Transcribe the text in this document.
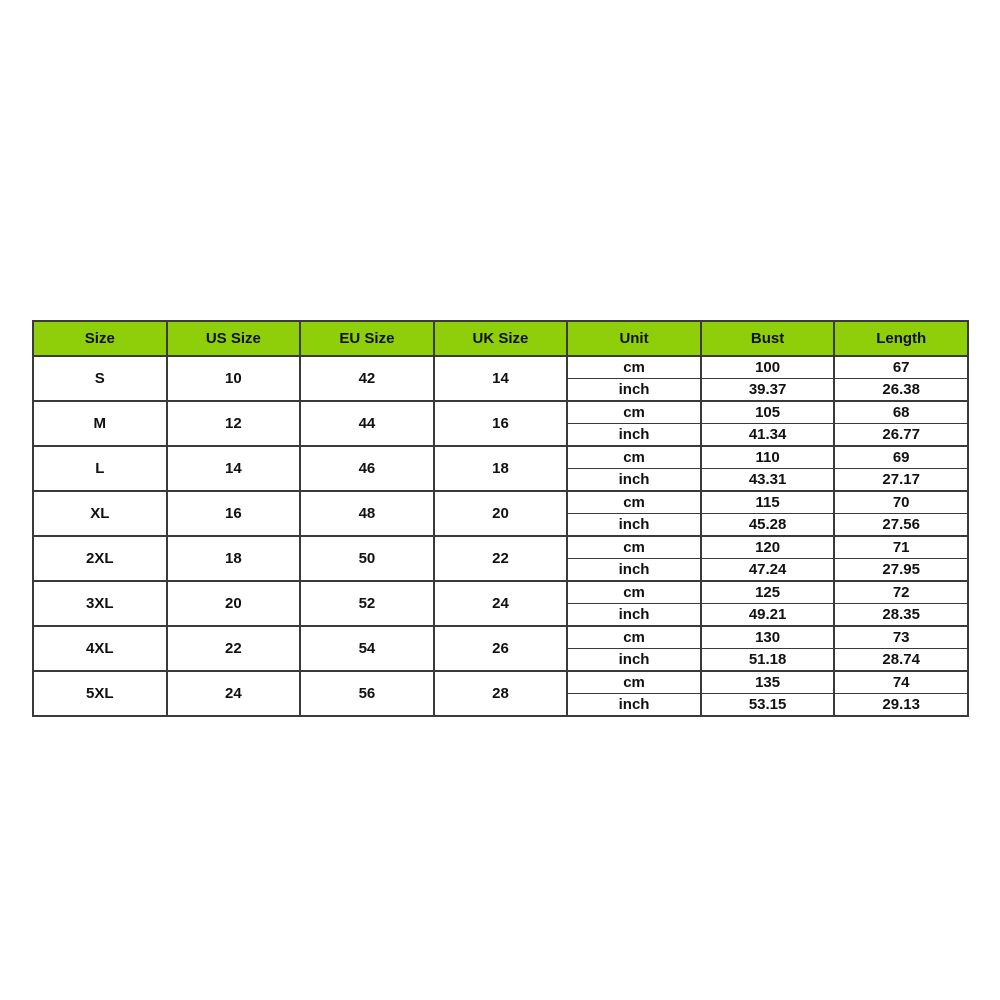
Size	US Size	EU Size	UK Size	Unit	Bust	Length
S	10	42	14	cm	100	67
				inch	39.37	26.38
M	12	44	16	cm	105	68
				inch	41.34	26.77
L	14	46	18	cm	110	69
				inch	43.31	27.17
XL	16	48	20	cm	115	70
				inch	45.28	27.56
2XL	18	50	22	cm	120	71
				inch	47.24	27.95
3XL	20	52	24	cm	125	72
				inch	49.21	28.35
4XL	22	54	26	cm	130	73
				inch	51.18	28.74
5XL	24	56	28	cm	135	74
				inch	53.15	29.13
